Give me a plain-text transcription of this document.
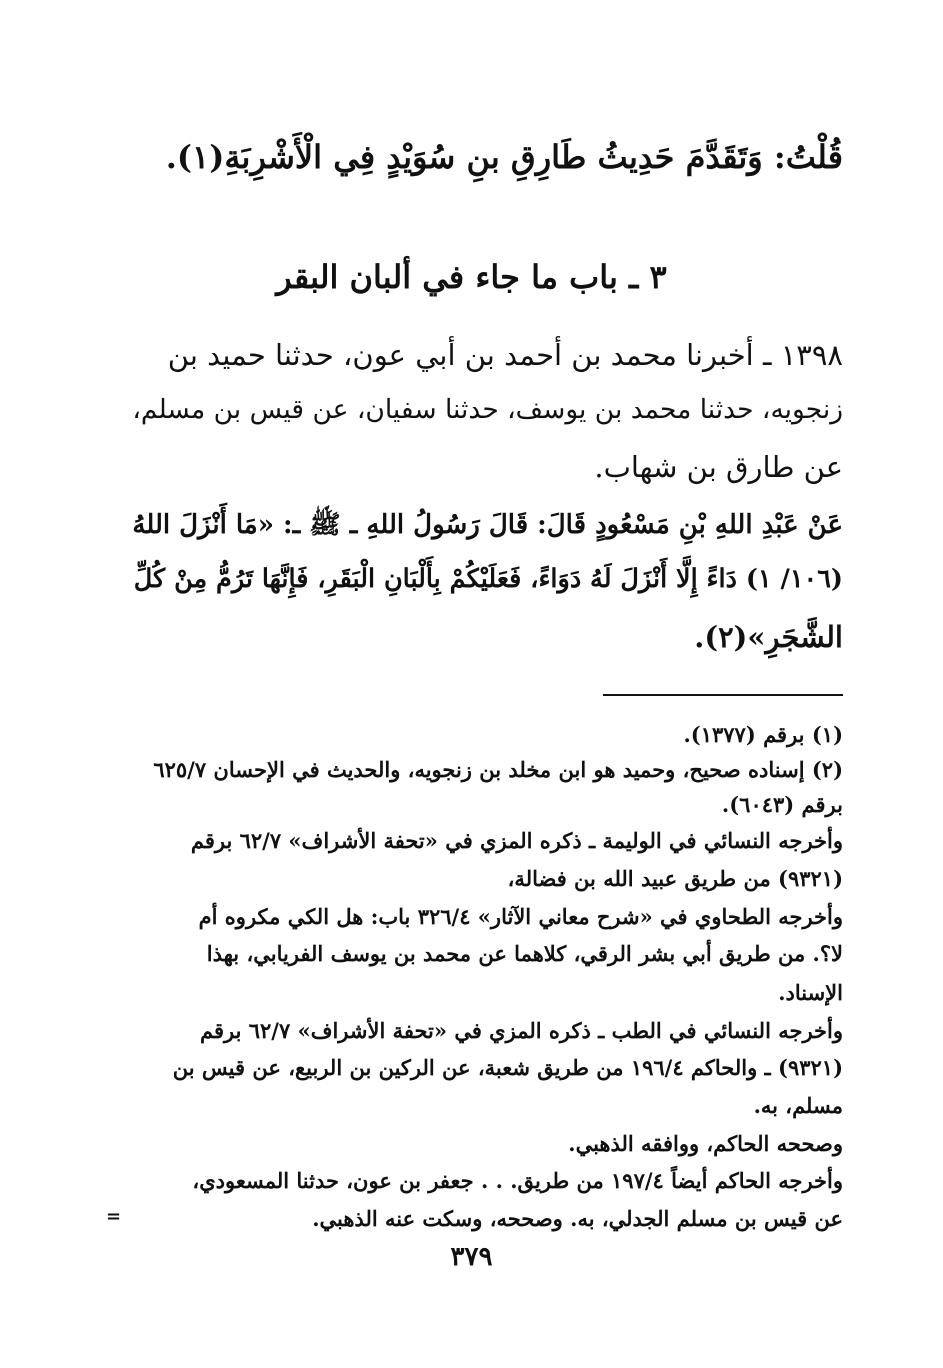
قُلْتُ: وَتَقَدَّمَ حَدِيثُ طَارِقِ بنِ سُوَيْدٍ فِي الْأَشْرِبَةِ(١).
٣ ـ باب ما جاء في ألبان البقر
١٣٩٨ ـ أخبرنا محمد بن أحمد بن أبي عون، حدثنا حميد بن
زنجويه، حدثنا محمد بن يوسف، حدثنا سفيان، عن قيس بن مسلم،
عن طارق بن شهاب.
عَنْ عَبْدِ اللهِ بْنِ مَسْعُودٍ قَالَ: قَالَ رَسُولُ اللهِ ـ ﷺ ـ: «مَا أَنْزَلَ اللهُ
(١٠٦/ ١) دَاءً إِلَّا أَنْزَلَ لَهُ دَوَاءً، فَعَلَيْكُمْ بِأَلْبَانِ الْبَقَرِ، فَإِنَّهَا تَرُمُّ مِنْ كُلِّ
الشَّجَرِ»(٢).
(١) برقم (١٣٧٧).
(٢) إسناده صحيح، وحميد هو ابن مخلد بن زنجويه، والحديث في الإحسان ٦٢٥/٧
برقم (٦٠٤٣).
وأخرجه النسائي في الوليمة ـ ذكره المزي في «تحفة الأشراف» ٦٢/٧ برقم
(٩٣٢١) من طريق عبيد الله بن فضالة،
وأخرجه الطحاوي في «شرح معاني الآثار» ٣٢٦/٤ باب: هل الكي مكروه أم
لا؟. من طريق أبي بشر الرقي، كلاهما عن محمد بن يوسف الفريابي، بهذا
الإسناد.
وأخرجه النسائي في الطب ـ ذكره المزي في «تحفة الأشراف» ٦٢/٧ برقم
(٩٣٢١) ـ والحاكم ١٩٦/٤ من طريق شعبة، عن الركين بن الربيع، عن قيس بن
مسلم، به.
وصححه الحاكم، ووافقه الذهبي.
وأخرجه الحاكم أيضاً ١٩٧/٤ من طريق. . . جعفر بن عون، حدثنا المسعودي،
عن قيس بن مسلم الجدلي، به. وصححه، وسكت عنه الذهبي.
=
٣٧٩
